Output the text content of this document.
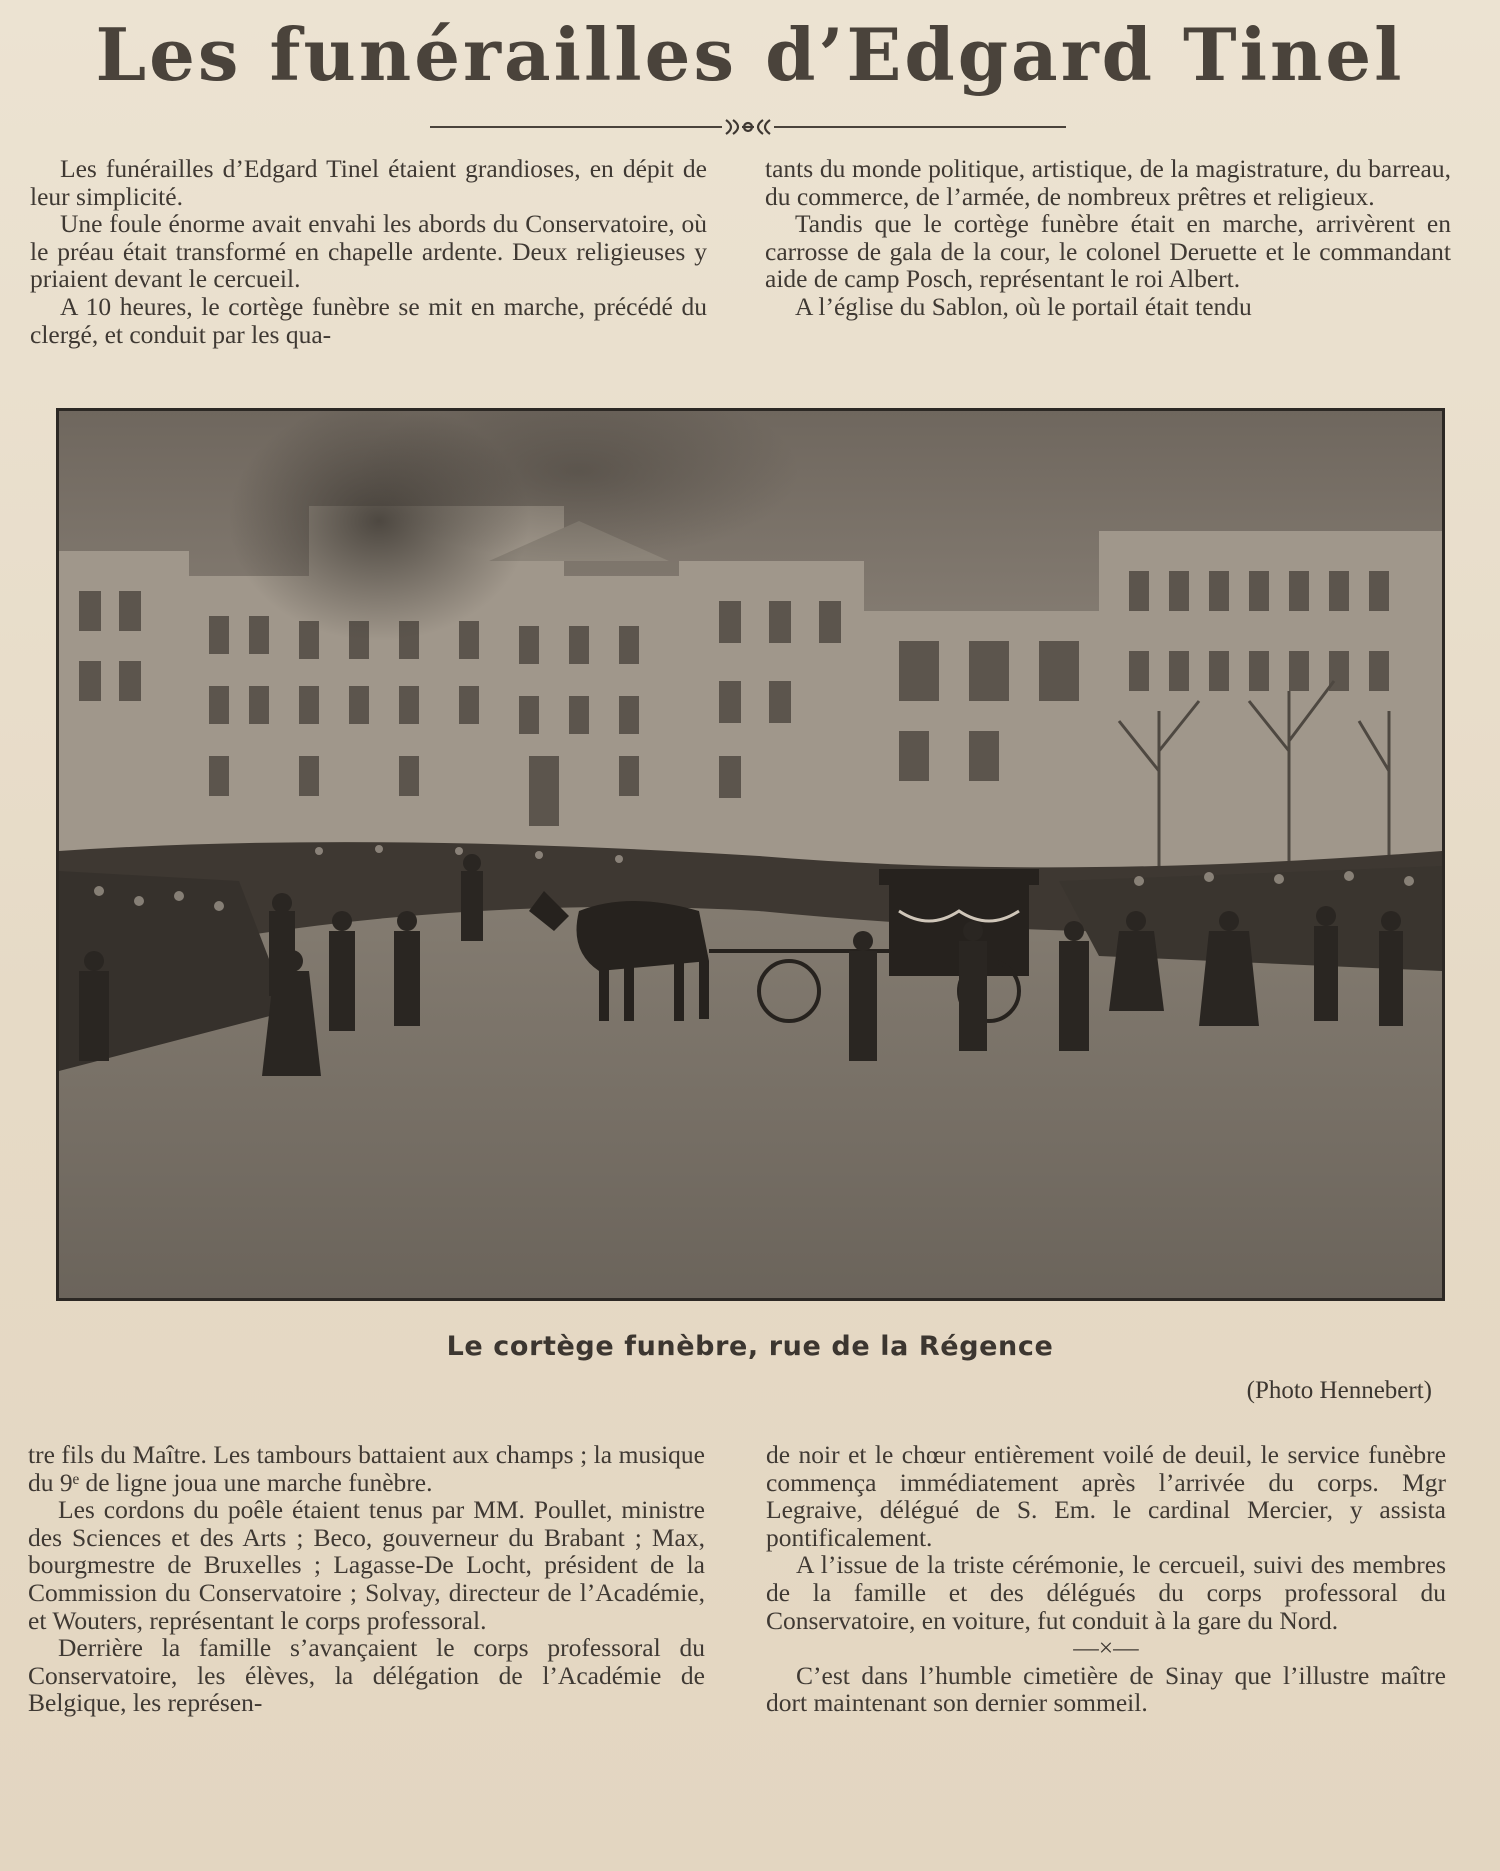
Les funérailles d’Edgard Tinel

Les funérailles d’Edgard Tinel étaient grandioses, en dépit de leur simplicité.

Une foule énorme avait envahi les abords du Conservatoire, où le préau était transformé en chapelle ardente. Deux religieuses y priaient devant le cercueil.

A 10 heures, le cortège funèbre se mit en marche, précédé du clergé, et conduit par les qua-

tants du monde politique, artistique, de la magistrature, du barreau, du commerce, de l’armée, de nombreux prêtres et religieux.

Tandis que le cortège funèbre était en marche, arrivèrent en carrosse de gala de la cour, le colonel Deruette et le commandant aide de camp Posch, représentant le roi Albert.

A l’église du Sablon, où le portail était tendu

Le cortège funèbre, rue de la Régence
(Photo Hennebert)

tre fils du Maître. Les tambours battaient aux champs ; la musique du 9ᵉ de ligne joua une marche funèbre.

Les cordons du poêle étaient tenus par MM. Poullet, ministre des Sciences et des Arts ; Beco, gouverneur du Brabant ; Max, bourgmestre de Bruxelles ; Lagasse-De Locht, président de la Commission du Conservatoire ; Solvay, directeur de l’Académie, et Wouters, représentant le corps professoral.

Derrière la famille s’avançaient le corps professoral du Conservatoire, les élèves, la délégation de l’Académie de Belgique, les représen-

de noir et le chœur entièrement voilé de deuil, le service funèbre commença immédiatement après l’arrivée du corps. Mgr Legraive, délégué de S. Em. le cardinal Mercier, y assista pontificalement.

A l’issue de la triste cérémonie, le cercueil, suivi des membres de la famille et des délégués du corps professoral du Conservatoire, en voiture, fut conduit à la gare du Nord.

—×—

C’est dans l’humble cimetière de Sinay que l’illustre maître dort maintenant son dernier sommeil.
